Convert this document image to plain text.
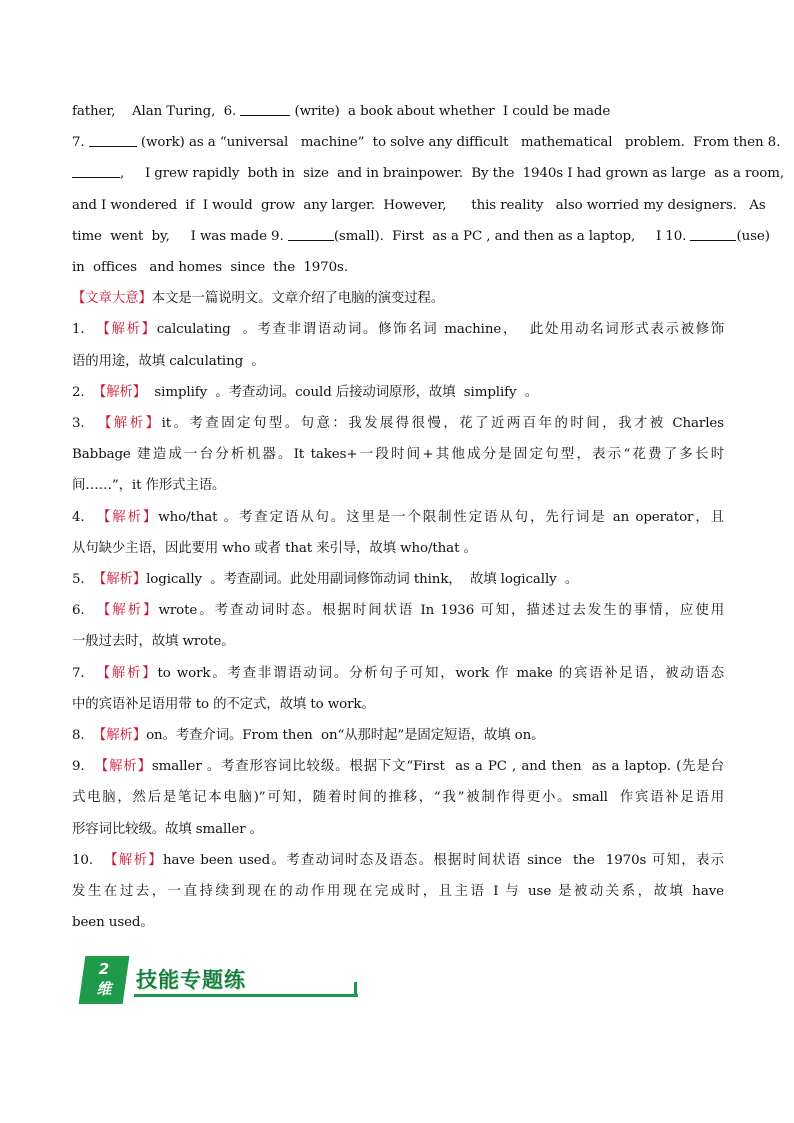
father,    Alan Turing,  6.	(write)  a book about whether  I could be made
7.	(work) as a “universal   machine”  to solve any difficult   mathematical   problem.  From then 8.
,     I grew rapidly  both in  size  and in brainpower.  By the  1940s I had grown as large  as a room,
and I wondered  if  I would  grow  any larger.  However,      this reality   also worried my designers.   As
time  went  by,     I was made 9.	(small).  First  as a PC , and then as a laptop,     I 10.	(use)
in  offices   and homes  since  the  1970s.
【文章大意】本文是一篇说明文。文章介绍了电脑的演变过程。
1. 【解析】calculating  。考查非谓语动词。修饰名词 machine，  此处用动名词形式表示被修饰
语的用途，故填 calculating  。
2. 【解析】  simplify  。考查动词。could 后接动词原形，故填  simplify  。
3. 【解析】it。考查固定句型。句意：我发展得很慢，花了近两百年的时间，我才被 Charles
Babbage 建造成一台分析机器。It takes+一段时间+其他成分是固定句型，表示“花费了多长时
间……”，it 作形式主语。
4. 【解析】who/that 。考查定语从句。这里是一个限制性定语从句，先行词是 an operator，且
从句缺少主语，因此要用 who 或者 that 来引导，故填 who/that 。
5. 【解析】logically  。考查副词。此处用副词修饰动词 think，  故填 logically  。
6. 【解析】wrote。考查动词时态。根据时间状语 In 1936 可知，描述过去发生的事情，应使用
一般过去时，故填 wrote。
7. 【解析】to work。考查非谓语动词。分析句子可知，work 作 make 的宾语补足语，被动语态
中的宾语补足语用带 to 的不定式，故填 to work。
8. 【解析】on。考查介词。From then  on“从那时起”是固定短语，故填 on。
9. 【解析】smaller 。考查形容词比较级。根据下文“First  as a PC , and then  as a laptop. (先是台
式电脑，然后是笔记本电脑)”可知，随着时间的推移，“我”被制作得更小。small  作宾语补足语用
形容词比较级。故填 smaller 。
10. 【解析】have been used。考查动词时态及语态。根据时间状语 since  the  1970s 可知，表示
发生在过去，一直持续到现在的动作用现在完成时，且主语 I 与 use 是被动关系，故填 have
been used。
2
维	技能专题练
